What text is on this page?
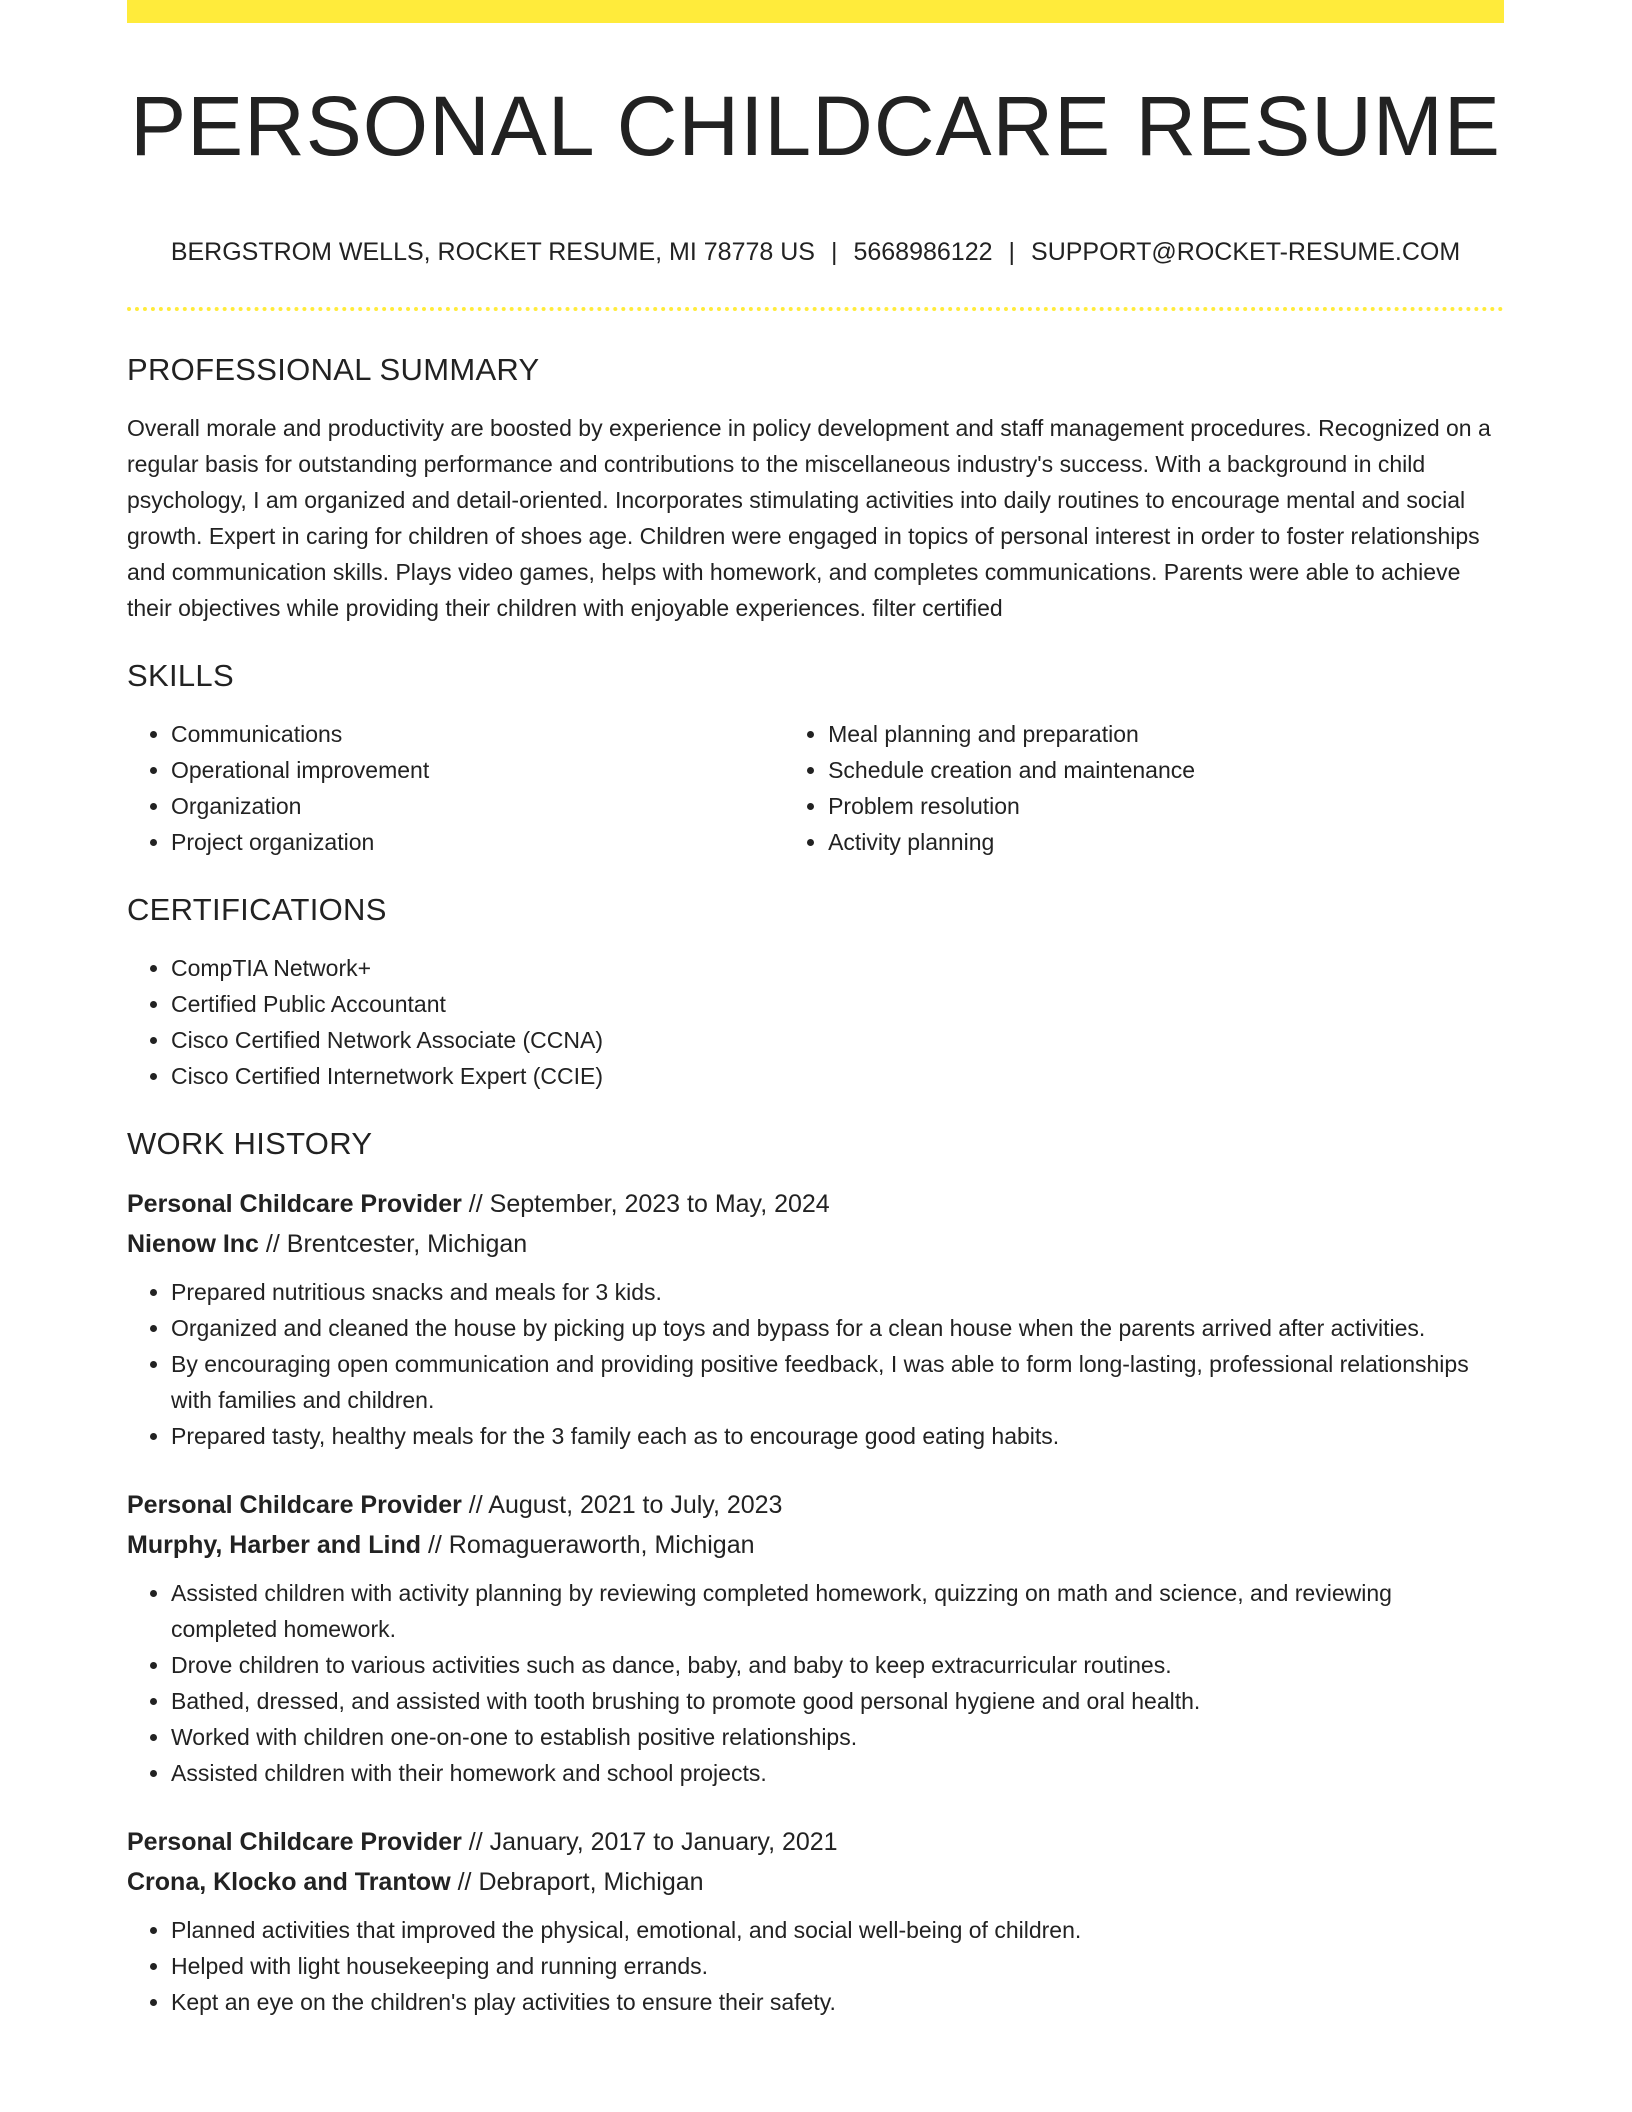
PERSONAL CHILDCARE RESUME
BERGSTROM WELLS, ROCKET RESUME, MI 78778 US | 5668986122 | SUPPORT@ROCKET-RESUME.COM
PROFESSIONAL SUMMARY

Overall morale and productivity are boosted by experience in policy development and staff management procedures. Recognized on a regular basis for outstanding performance and contributions to the miscellaneous industry's success. With a background in child psychology, I am organized and detail-oriented. Incorporates stimulating activities into daily routines to encourage mental and social growth. Expert in caring for children of shoes age. Children were engaged in topics of personal interest in order to foster relationships and communication skills. Plays video games, helps with homework, and completes communications. Parents were able to achieve their objectives while providing their children with enjoyable experiences. filter certified

SKILLS
• Communications
• Operational improvement
• Organization
• Project organization
• Meal planning and preparation
• Schedule creation and maintenance
• Problem resolution
• Activity planning
CERTIFICATIONS
• CompTIA Network+
• Certified Public Accountant
• Cisco Certified Network Associate (CCNA)
• Cisco Certified Internetwork Expert (CCIE)
WORK HISTORY
Personal Childcare Provider // September, 2023 to May, 2024
Nienow Inc // Brentcester, Michigan
• Prepared nutritious snacks and meals for 3 kids.
• Organized and cleaned the house by picking up toys and bypass for a clean house when the parents arrived after activities.
• By encouraging open communication and providing positive feedback, I was able to form long-lasting, professional relationships with families and children.
• Prepared tasty, healthy meals for the 3 family each as to encourage good eating habits.
Personal Childcare Provider // August, 2021 to July, 2023
Murphy, Harber and Lind // Romagueraworth, Michigan
• Assisted children with activity planning by reviewing completed homework, quizzing on math and science, and reviewing completed homework.
• Drove children to various activities such as dance, baby, and baby to keep extracurricular routines.
• Bathed, dressed, and assisted with tooth brushing to promote good personal hygiene and oral health.
• Worked with children one-on-one to establish positive relationships.
• Assisted children with their homework and school projects.
Personal Childcare Provider // January, 2017 to January, 2021
Crona, Klocko and Trantow // Debraport, Michigan
• Planned activities that improved the physical, emotional, and social well-being of children.
• Helped with light housekeeping and running errands.
• Kept an eye on the children's play activities to ensure their safety.
